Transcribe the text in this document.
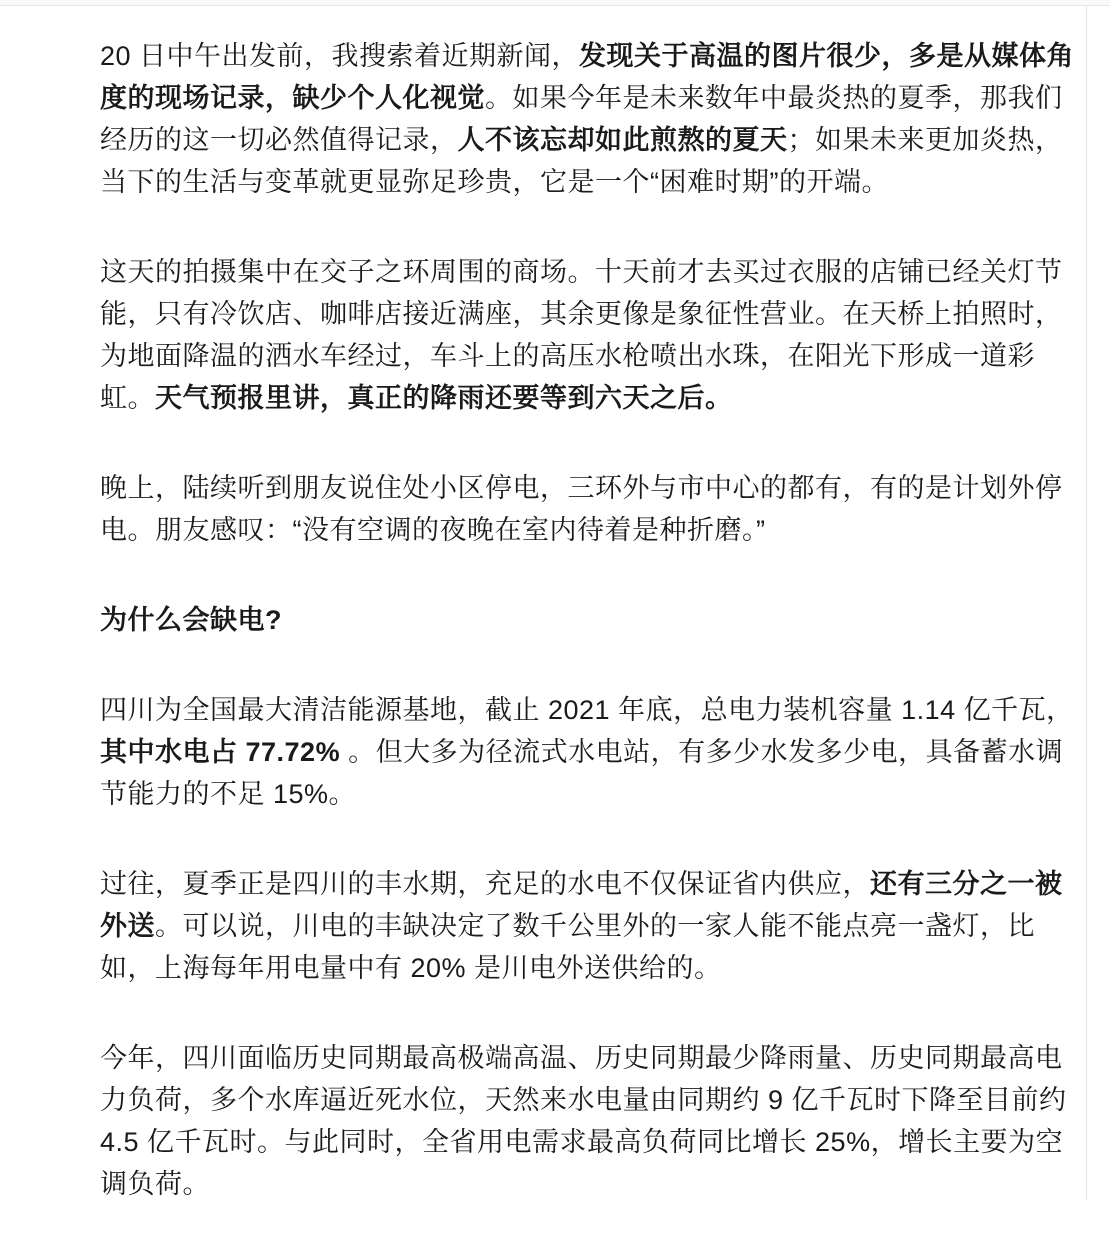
20 日中午出发前，我搜索着近期新闻，发现关于高温的图片很少，多是从媒体角度的现场记录，缺少个人化视觉。如果今年是未来数年中最炎热的夏季，那我们经历的这一切必然值得记录，人不该忘却如此煎熬的夏天；如果未来更加炎热，当下的生活与变革就更显弥足珍贵，它是一个“困难时期”的开端。

这天的拍摄集中在交子之环周围的商场。十天前才去买过衣服的店铺已经关灯节能，只有冷饮店、咖啡店接近满座，其余更像是象征性营业。在天桥上拍照时，为地面降温的洒水车经过，车斗上的高压水枪喷出水珠，在阳光下形成一道彩虹。天气预报里讲，真正的降雨还要等到六天之后。

晚上，陆续听到朋友说住处小区停电，三环外与市中心的都有，有的是计划外停电。朋友感叹：“没有空调的夜晚在室内待着是种折磨。”

为什么会缺电?

四川为全国最大清洁能源基地，截止 2021 年底，总电力装机容量 1.14 亿千瓦，其中水电占 77.72% 。但大多为径流式水电站，有多少水发多少电，具备蓄水调节能力的不足 15%。

过往，夏季正是四川的丰水期，充足的水电不仅保证省内供应，还有三分之一被外送。可以说，川电的丰缺决定了数千公里外的一家人能不能点亮一盏灯，比如，上海每年用电量中有 20% 是川电外送供给的。

今年，四川面临历史同期最高极端高温、历史同期最少降雨量、历史同期最高电力负荷，多个水库逼近死水位，天然来水电量由同期约 9 亿千瓦时下降至目前约 4.5 亿千瓦时。与此同时，全省用电需求最高负荷同比增长 25%，增长主要为空调负荷。
